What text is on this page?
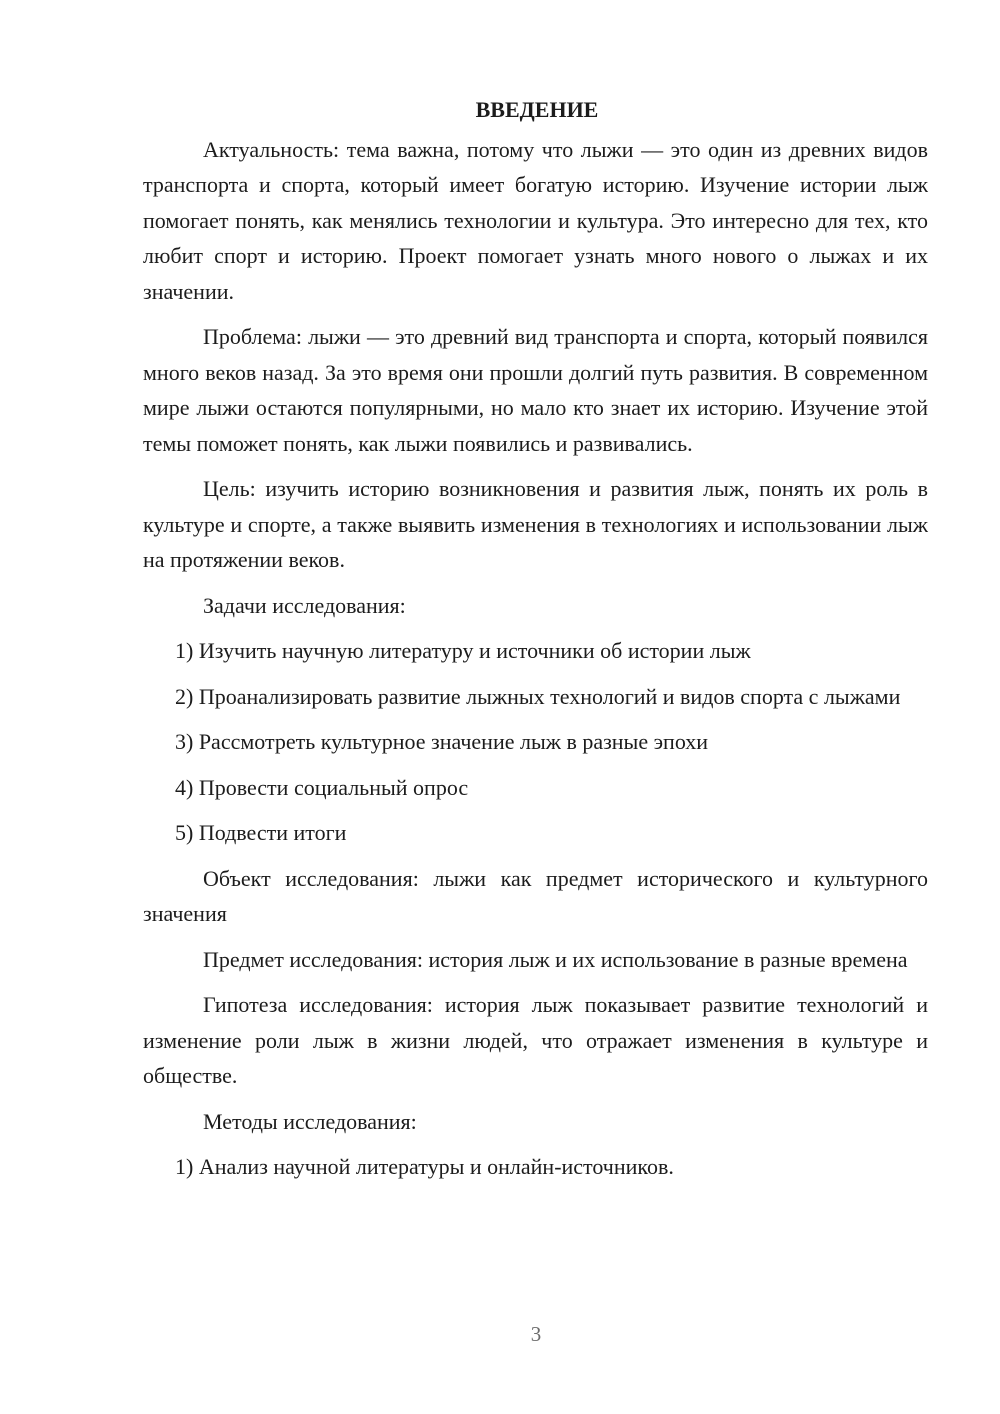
ВВЕДЕНИЕ

Актуальность: тема важна, потому что лыжи — это один из древних видов транспорта и спорта, который имеет богатую историю. Изучение истории лыж помогает понять, как менялись технологии и культура. Это интересно для тех, кто любит спорт и историю. Проект помогает узнать много нового о лыжах и их значении.

Проблема: лыжи — это древний вид транспорта и спорта, который появился много веков назад. За это время они прошли долгий путь развития. В современном мире лыжи остаются популярными, но мало кто знает их историю. Изучение этой темы поможет понять, как лыжи появились и развивались.

Цель: изучить историю возникновения и развития лыж, понять их роль в культуре и спорте, а также выявить изменения в технологиях и использовании лыж на протяжении веков.

Задачи исследования:

1) Изучить научную литературу и источники об истории лыж

2) Проанализировать развитие лыжных технологий и видов спорта с лыжами

3) Рассмотреть культурное значение лыж в разные эпохи

4) Провести социальный опрос

5) Подвести итоги

Объект исследования: лыжи как предмет исторического и культурного значения

Предмет исследования: история лыж и их использование в разные времена

Гипотеза исследования: история лыж показывает развитие технологий и изменение роли лыж в жизни людей, что отражает изменения в культуре и обществе.

Методы исследования:

1) Анализ научной литературы и онлайн-источников.

3
